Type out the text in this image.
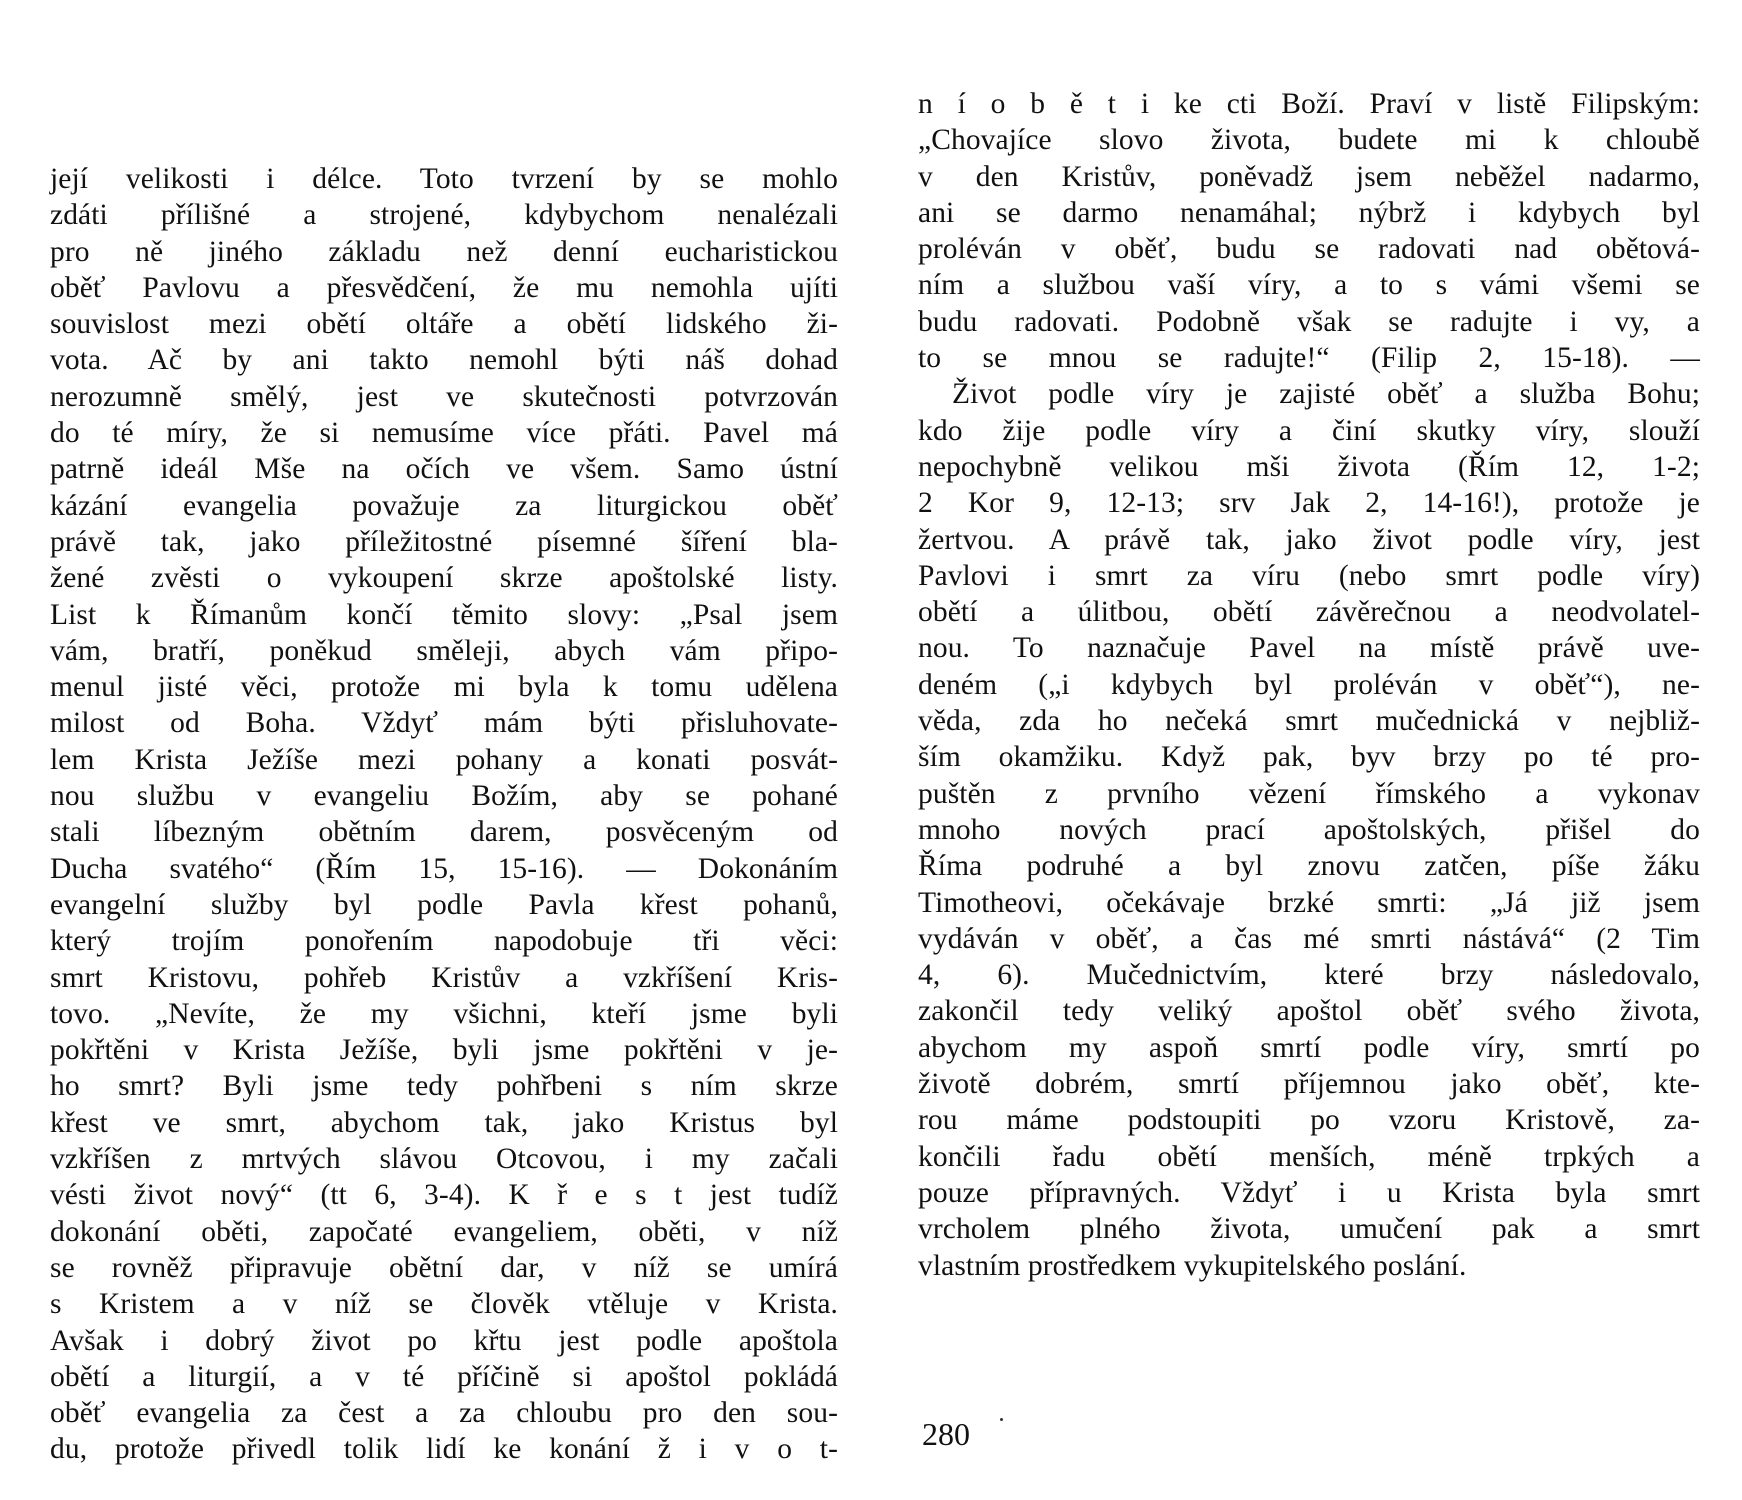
její velikosti i délce. Toto tvrzení by se mohlo
zdáti přílišné a strojené, kdybychom nenalézali
pro ně jiného základu než denní eucharistickou
oběť Pavlovu a přesvědčení, že mu nemohla ujíti
souvislost mezi obětí oltáře a obětí lidského ži-
vota. Ač by ani takto nemohl býti náš dohad
nerozumně smělý, jest ve skutečnosti potvrzován
do té míry, že si nemusíme více přáti. Pavel má
patrně ideál Mše na očích ve všem. Samo ústní
kázání evangelia považuje za liturgickou oběť
právě tak, jako příležitostné písemné šíření bla-
žené zvěsti o vykoupení skrze apoštolské listy.
List k Římanům končí těmito slovy: „Psal jsem
vám, bratří, poněkud směleji, abych vám připo-
menul jisté věci, protože mi byla k tomu udělena
milost od Boha. Vždyť mám býti přisluhovate-
lem Krista Ježíše mezi pohany a konati posvát-
nou službu v evangeliu Božím, aby se pohané
stali líbezným obětním darem, posvěceným od
Ducha svatého“ (Řím 15, 15-16). — Dokonáním
evangelní služby byl podle Pavla křest pohanů,
který trojím ponořením napodobuje tři věci:
smrt Kristovu, pohřeb Kristův a vzkříšení Kris-
tovo. „Nevíte, že my všichni, kteří jsme byli
pokřtěni v Krista Ježíše, byli jsme pokřtěni v je-
ho smrt? Byli jsme tedy pohřbeni s ním skrze
křest ve smrt, abychom tak, jako Kristus byl
vzkříšen z mrtvých slávou Otcovou, i my začali
vésti život nový“ (tt 6, 3-4). K ř e s t jest tudíž
dokonání oběti, započaté evangeliem, oběti, v níž
se rovněž připravuje obětní dar, v níž se umírá
s Kristem a v níž se člověk vtěluje v Krista.
Avšak i dobrý život po křtu jest podle apoštola
obětí a liturgií, a v té příčině si apoštol pokládá
oběť evangelia za čest a za chloubu pro den sou-
du, protože přivedl tolik lidí ke konání ž i v o t-
n í o b ě t i ke cti Boží. Praví v listě Filipským:
„Chovajíce slovo života, budete mi k chloubě
v den Kristův, poněvadž jsem neběžel nadarmo,
ani se darmo nenamáhal; nýbrž i kdybych byl
proléván v oběť, budu se radovati nad obětová-
ním a službou vaší víry, a to s vámi všemi se
budu radovati. Podobně však se radujte i vy, a
to se mnou se radujte!“ (Filip 2, 15-18). —
Život podle víry je zajisté oběť a služba Bohu;
kdo žije podle víry a činí skutky víry, slouží
nepochybně velikou mši života (Řím 12, 1-2;
2 Kor 9, 12-13; srv Jak 2, 14-16!), protože je
žertvou. A právě tak, jako život podle víry, jest
Pavlovi i smrt za víru (nebo smrt podle víry)
obětí a úlitbou, obětí závěrečnou a neodvolatel-
nou. To naznačuje Pavel na místě právě uve-
deném („i kdybych byl proléván v oběť“), ne-
věda, zda ho nečeká smrt mučednická v nejbliž-
ším okamžiku. Když pak, byv brzy po té pro-
puštěn z prvního vězení římského a vykonav
mnoho nových prací apoštolských, přišel do
Říma podruhé a byl znovu zatčen, píše žáku
Timotheovi, očekávaje brzké smrti: „Já již jsem
vydáván v oběť, a čas mé smrti nástává“ (2 Tim
4, 6). Mučednictvím, které brzy následovalo,
zakončil tedy veliký apoštol oběť svého života,
abychom my aspoň smrtí podle víry, smrtí po
životě dobrém, smrtí příjemnou jako oběť, kte-
rou máme podstoupiti po vzoru Kristově, za-
končili řadu obětí menších, méně trpkých a
pouze přípravných. Vždyť i u Krista byla smrt
vrcholem plného života, umučení pak a smrt
vlastním prostředkem vykupitelského poslání.
280
